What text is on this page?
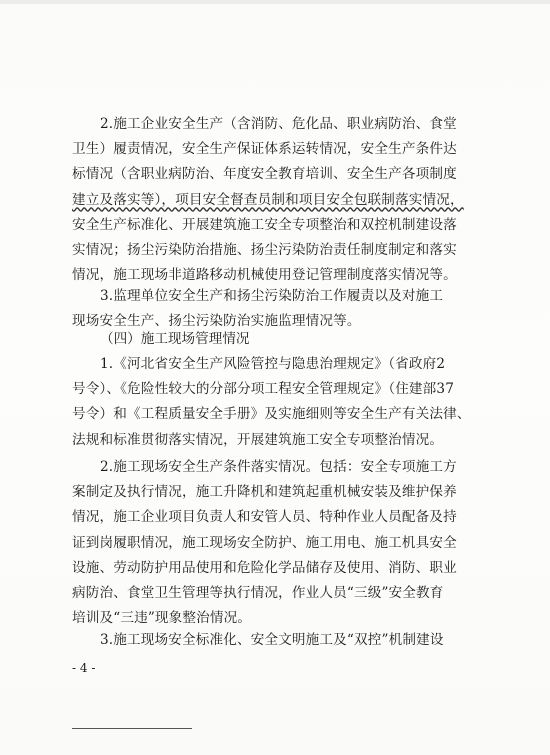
2.施工企业安全生产（含消防、危化品、职业病防治、食堂
卫生）履责情况，安全生产保证体系运转情况，安全生产条件达
标情况（含职业病防治、年度安全教育培训、安全生产各项制度
建立及落实等），项目安全督查员制和项目安全包联制落实情况，
安全生产标准化、开展建筑施工安全专项整治和双控机制建设落
实情况；扬尘污染防治措施、扬尘污染防治责任制度制定和落实
情况，施工现场非道路移动机械使用登记管理制度落实情况等。

3.监理单位安全生产和扬尘污染防治工作履责以及对施工
现场安全生产、扬尘污染防治实施监理情况等。

（四）施工现场管理情况

1.《河北省安全生产风险管控与隐患治理规定》（省政府2
号令）、《危险性较大的分部分项工程安全管理规定》（住建部37
号令）和《工程质量安全手册》及实施细则等安全生产有关法律、
法规和标准贯彻落实情况，开展建筑施工安全专项整治情况。

2.施工现场安全生产条件落实情况。包括：安全专项施工方
案制定及执行情况，施工升降机和建筑起重机械安装及维护保养
情况，施工企业项目负责人和安管人员、特种作业人员配备及持
证到岗履职情况，施工现场安全防护、施工用电、施工机具安全
设施、劳动防护用品使用和危险化学品储存及使用、消防、职业
病防治、食堂卫生管理等执行情况，作业人员“三级”安全教育
培训及“三违”现象整治情况。

3.施工现场安全标准化、安全文明施工及“双控”机制建设

- 4 -
